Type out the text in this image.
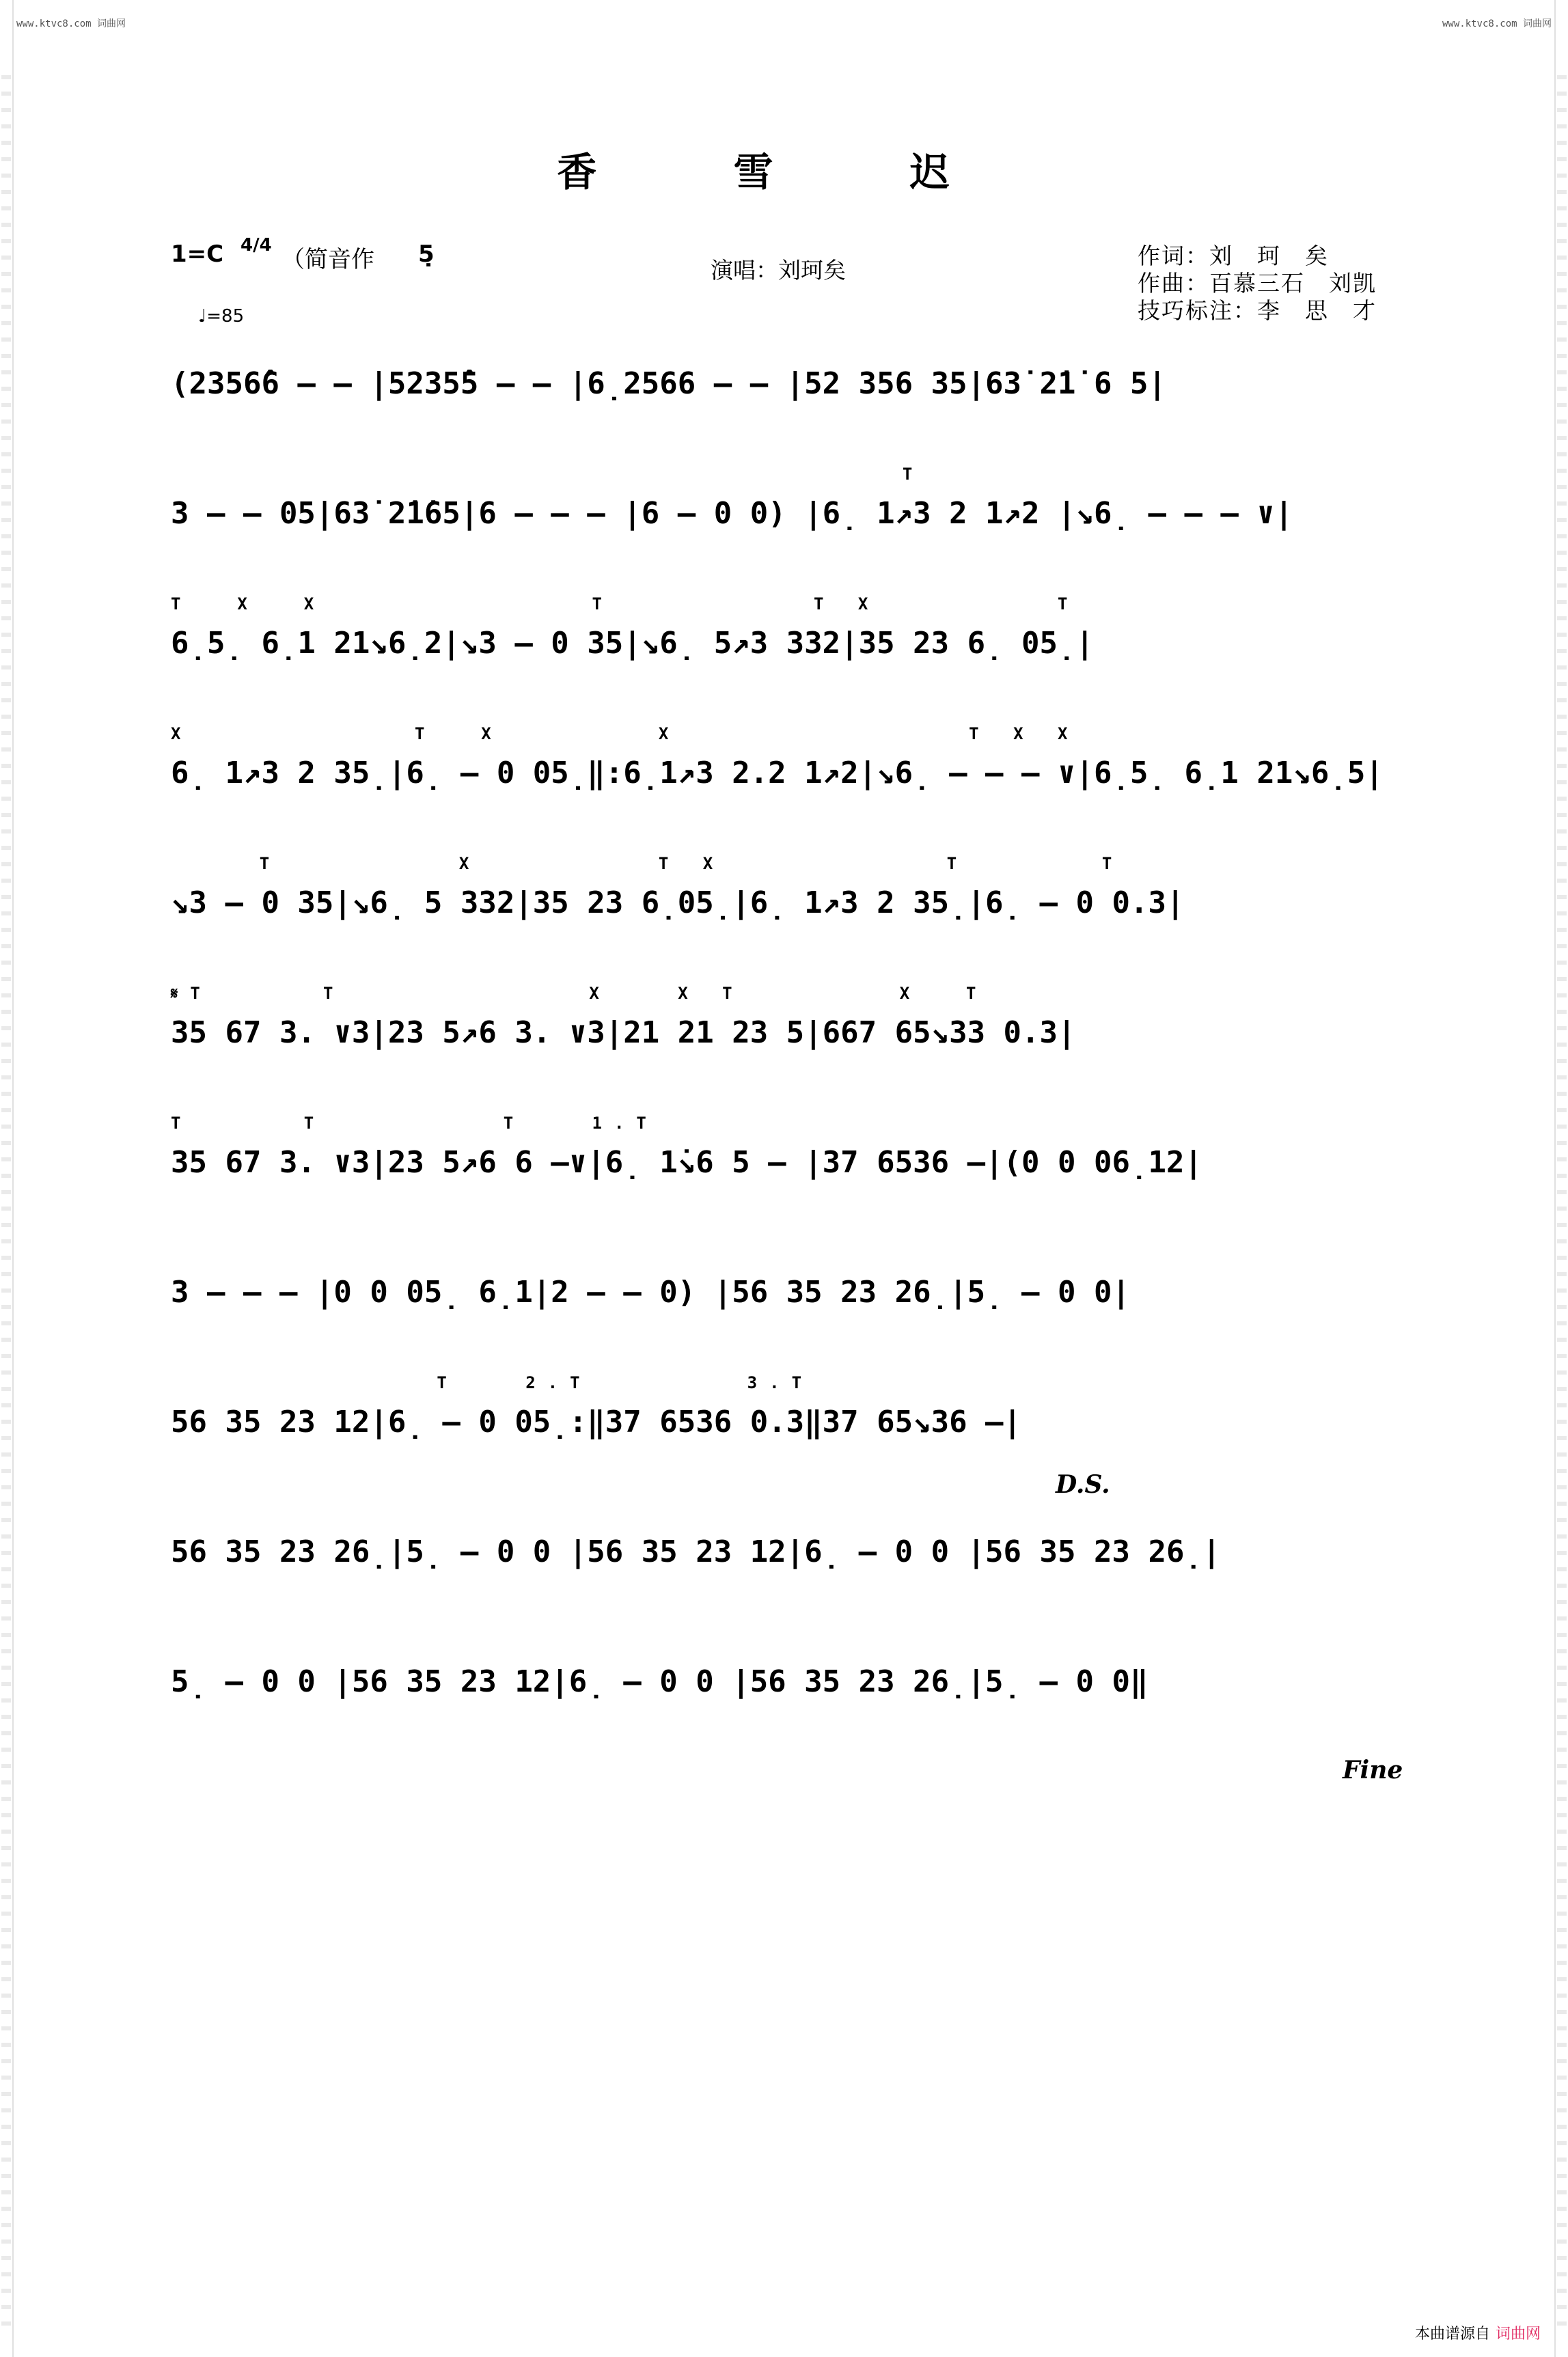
www.ktvc8.com 词曲网	www.ktvc8.com 词曲网
香 雪 迟
1=C 4/4
（简音作 5̣
演唱：刘珂矣
作词：刘　珂　矣
作曲：百慕三石　刘凯
技巧标注：李　思　才
♩=85
(2356̂6 – – |5235̂5 – – |6̣2566 – – |52 356 35|63̇ 2̇1̇ 6 5|
T
3 – – 05|63̇ 2̇1̇65|6 – – – |6 – 0 0) |6̣ 1↗3 2 1↗2 |↘6̣ – – – ∨|
T  X  X            T         T X        T
6̣5̣ 6̣1 21↘6̣2|↘3 – 0 35|↘6̣ 5↗3 332|35 23 6̣ 05̣|
X          T  X       X             T X X
6̣ 1↗3 2 35̣|6̣ – 0 05̣‖:6̣1↗3 2.2 1↗2|↘6̣ – – – ∨|6̣5̣ 6̣1 21↘6̣5|
T        X        T X          T      T
↘3 – 0 35|↘6̣ 5 332|35 23 6̣05̣|6̣ 1↗3 2 35̣|6̣ – 0 0.3|
𝄋T     T           X   X T       X  T
35 67 3. ∨3|23 5↗6 3. ∨3|21 21 23 5|667 65↘33 0.3|
T     T        T   1.T
35 67 3. ∨3|23 5↗6 6 –∨|6̣ 1̇↘6 5 – |37 6536 –|(0 0 06̣12|
3 – – – |0 0 05̣ 6̣1|2 – – 0) |56 35 23 26̣|5̣ – 0 0|
T   2.T       3.T
56 35 23 12|6̣ – 0 05̣:‖37 6536 0.3‖37 65↘36 –|
56 35 23 26̣|5̣ – 0 0 |56 35 23 12|6̣ – 0 0 |56 35 23 26̣|
5̣ – 0 0 |56 35 23 12|6̣ – 0 0 |56 35 23 26̣|5̣ – 0 0‖
D.S.
Fine
本曲谱源自 词曲网
